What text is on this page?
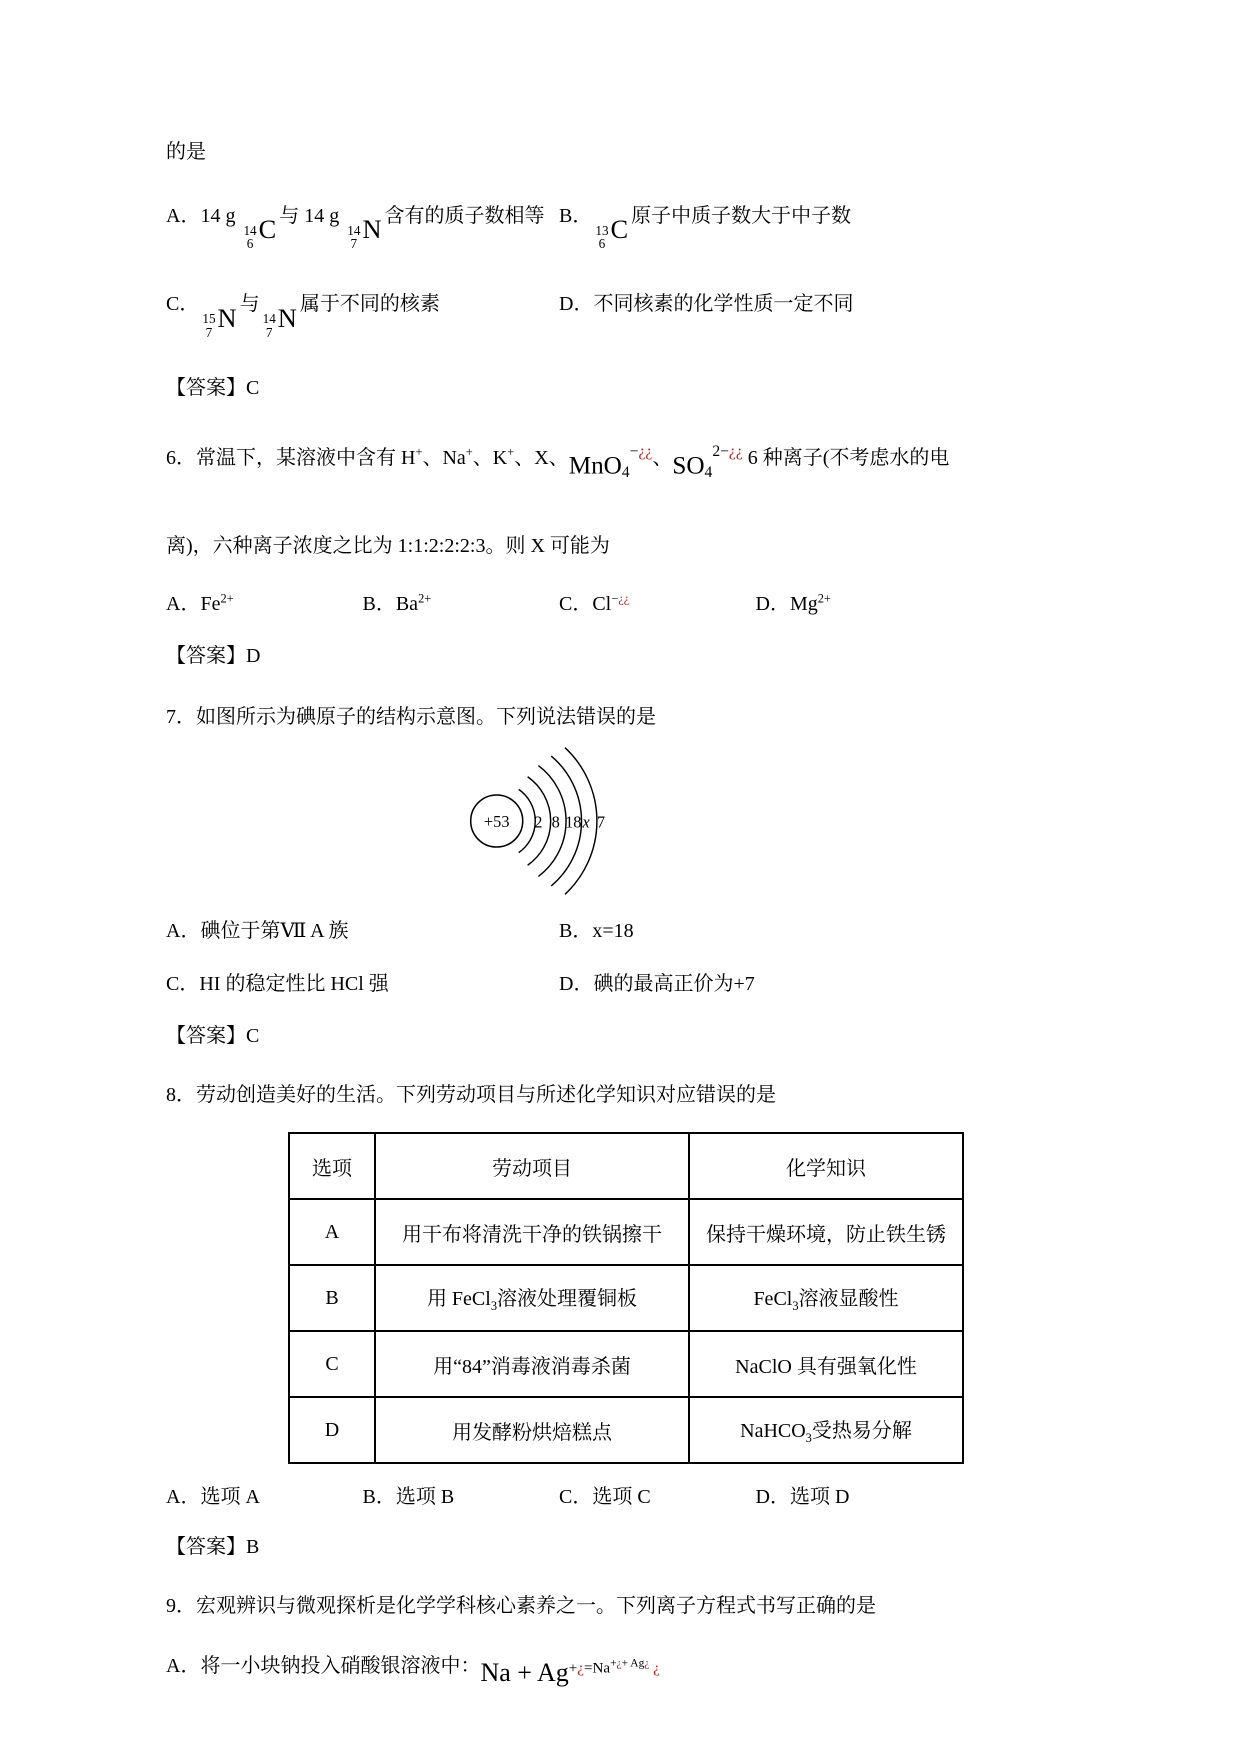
的是

A．14 g
14
6 C 与 14 g
14
7 N 含有的质子数相等 B．
13
6 C 原子中质子数大于中子数
C．
15
7 N 与
14
7 N 属于不同的核素	D．不同核素的化学性质一定不同

【答案】C

6．常温下，某溶液中含有 H+、Na+、K+、X、MnO$_4$−¿¿、$SO_4^{2-¿¿}$ 6 种离子(不考虑水的电

离)，六种离子浓度之比为 1:1:2:2:2:3。则 X 可能为

A．$Fe^{2+}$	B．$Ba^{2+}$	C．Cl−¿¿	D．$Mg^{2+}$

【答案】D

7．如图所示为碘原子的结构示意图。下列说法错误的是

+53 2 8 18 x 7
A．碘位于第Ⅶ A 族	B．x=18
C．HI 的稳定性比 HCl 强	D．碘的最高正价为+7

【答案】C

8．劳动创造美好的生活。下列劳动项目与所述化学知识对应错误的是

选项	劳动项目	化学知识
A	用干布将清洗干净的铁锅擦干	保持干燥环境，防止铁生锈
B	用 FeCl$_3$溶液处理覆铜板	FeCl$_3$溶液显酸性
C	用“84”消毒液消毒杀菌	NaClO 具有强氧化性
D	用发酵粉烘焙糕点	NaHCO$_3$受热易分解
A．选项 A	B．选项 B	C．选项 C	D．选项 D

【答案】B

9．宏观辨识与微观探析是化学学科核心素养之一。下列离子方程式书写正确的是

A．将一小块钠投入硝酸银溶液中：$Na + Ag^{+¿=Na+¿+ Ag¿}$ ¿
